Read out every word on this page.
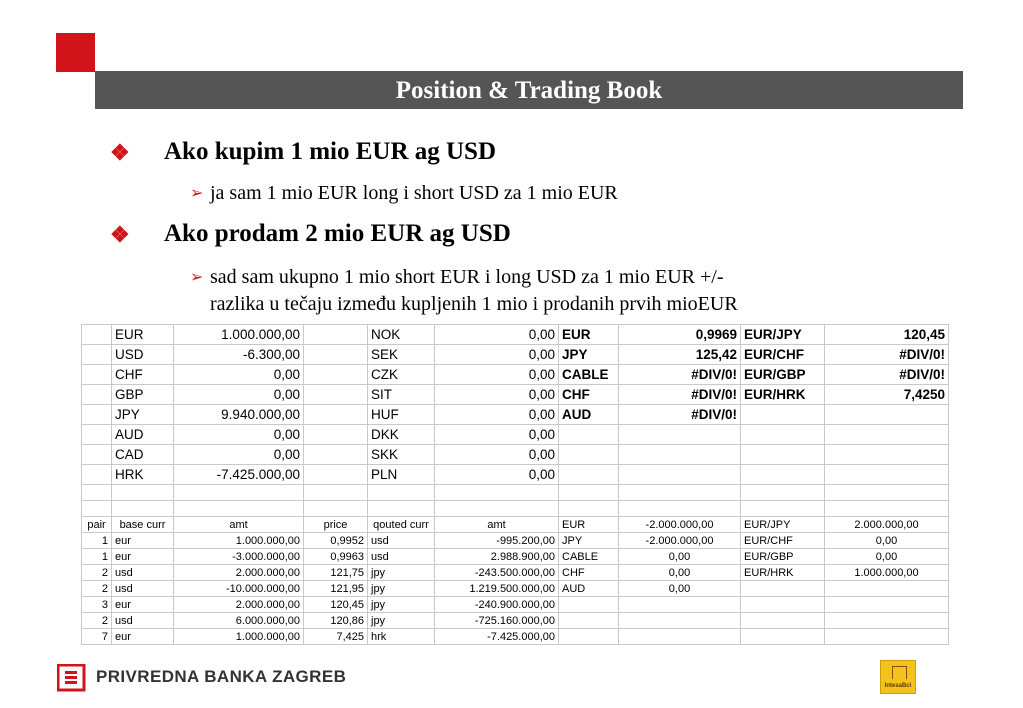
Position & Trading Book
❖ Ako kupim 1 mio EUR ag USD
➢ ja sam 1 mio EUR long i short USD za 1 mio EUR
❖ Ako prodam 2 mio EUR ag USD
➢ sad sam ukupno 1 mio short EUR i long USD za 1 mio EUR +/-
razlika u tečaju između kupljenih 1 mio i prodanih prvih mioEUR
	EUR	1.000.000,00		NOK	0,00	EUR	0,9969	EUR/JPY	120,45
	USD	-6.300,00		SEK	0,00	JPY	125,42	EUR/CHF	#DIV/0!
	CHF	0,00		CZK	0,00	CABLE	#DIV/0!	EUR/GBP	#DIV/0!
	GBP	0,00		SIT	0,00	CHF	#DIV/0!	EUR/HRK	7,4250
	JPY	9.940.000,00		HUF	0,00	AUD	#DIV/0!		
	AUD	0,00		DKK	0,00				
	CAD	0,00		SKK	0,00				
	HRK	-7.425.000,00		PLN	0,00				

pair	base curr	amt	price	qouted curr	amt	EUR	-2.000.000,00	EUR/JPY	2.000.000,00
1	eur	1.000.000,00	0,9952	usd	-995.200,00	JPY	-2.000.000,00	EUR/CHF	0,00
1	eur	-3.000.000,00	0,9963	usd	2.988.900,00	CABLE	0,00	EUR/GBP	0,00
2	usd	2.000.000,00	121,75	jpy	-243.500.000,00	CHF	0,00	EUR/HRK	1.000.000,00
2	usd	-10.000.000,00	121,95	jpy	1.219.500.000,00	AUD	0,00		
3	eur	2.000.000,00	120,45	jpy	-240.900.000,00				
2	usd	6.000.000,00	120,86	jpy	-725.160.000,00				
7	eur	1.000.000,00	7,425	hrk	-7.425.000,00				
PRIVREDNA BANKA ZAGREB	IntesaBci
